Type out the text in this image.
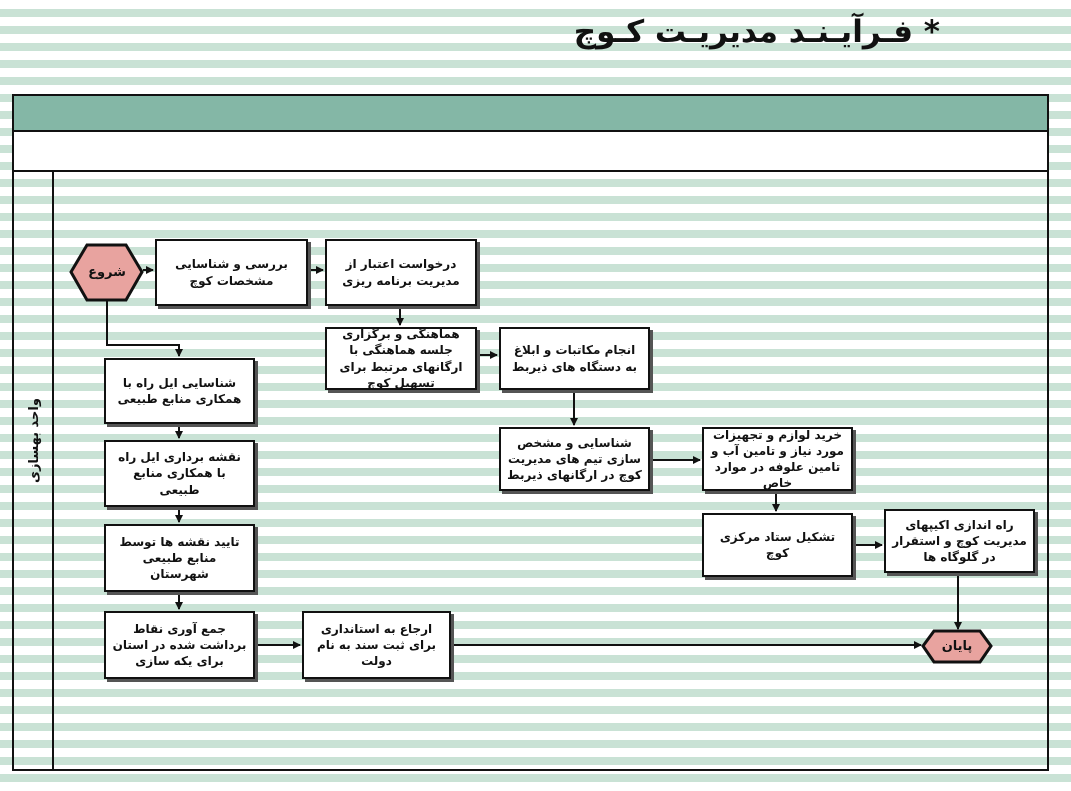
* فـرآیـنـد مدیریـت کـوچ
واحد بهسازی
شروع
پایان
بررسی و شناسایی مشخصات کوچ
درخواست اعتبار از مدیریت برنامه ریزی
هماهنگی و برگزاری جلسه هماهنگی با ارگانهای مرتبط برای تسهیل کوچ
انجام مکاتبات و ابلاغ به دستگاه های ذیربط
شناسایی و مشخص سازی تیم های مدیریت کوچ در ارگانهای ذیربط
خرید لوازم و تجهیزات مورد نیاز و تامین آب و تامین علوفه در موارد خاص
تشکیل ستاد مرکزی کوچ
راه اندازی اکیپهای مدیریت کوچ و استقرار در گلوگاه ها
شناسایی ایل راه با همکاری منابع طبیعی
نقشه برداری ایل راه با همکاری منابع طبیعی
تایید نقشه ها توسط منابع طبیعی شهرستان
جمع آوری نقاط برداشت شده در استان برای یکه سازی
ارجاع به استانداری برای ثبت سند به نام دولت
